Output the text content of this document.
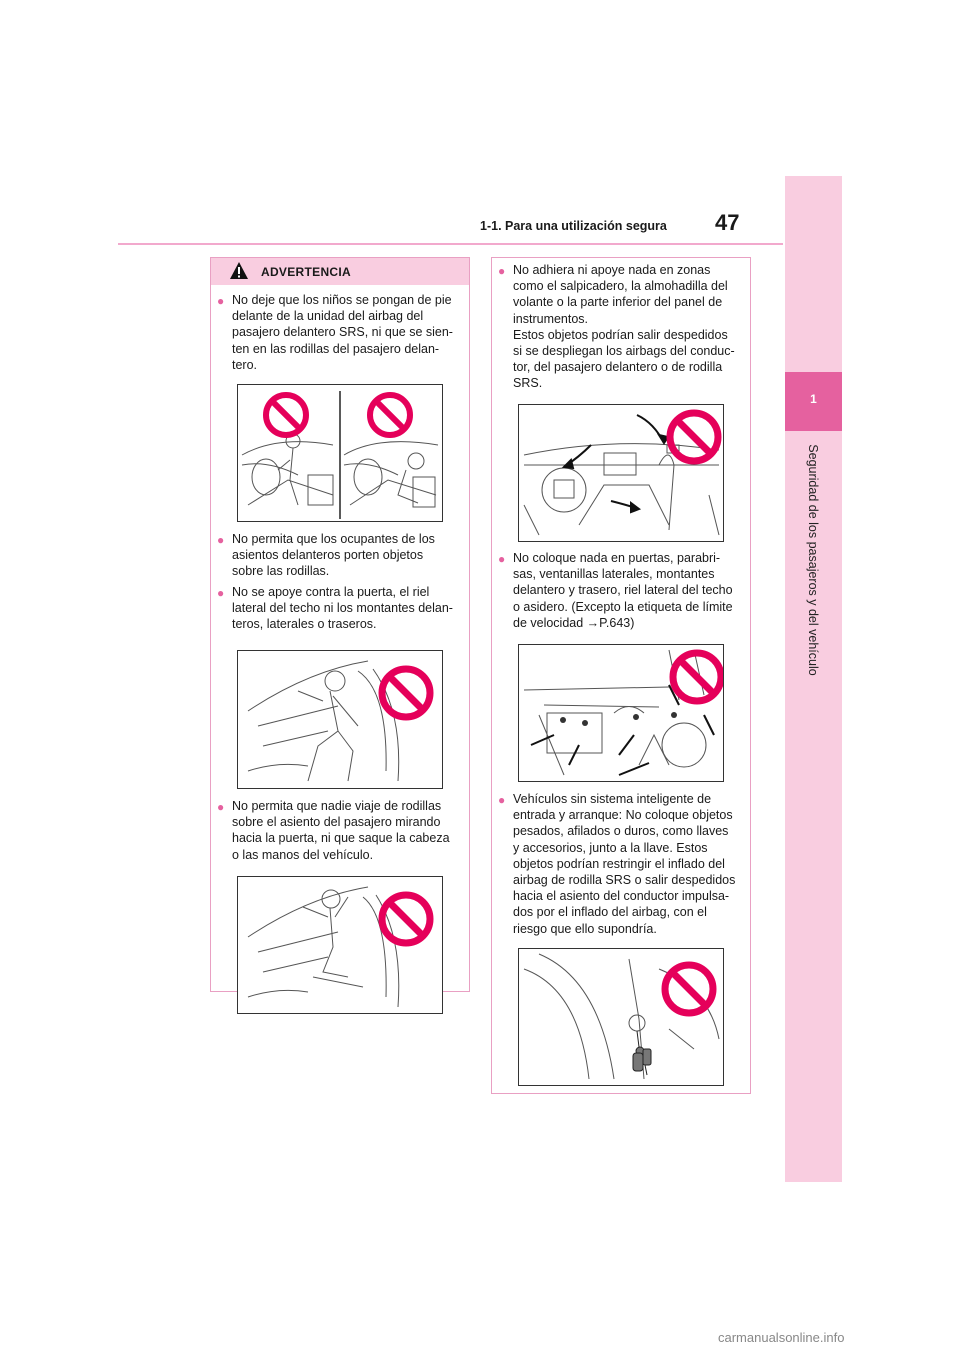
1-1. Para una utilización segura 47
1
Seguridad de los pasajeros y del vehículo
ADVERTENCIA
● No deje que los niños se pongan de pie
delante de la unidad del airbag del
pasajero delantero SRS, ni que se sien-
ten en las rodillas del pasajero delan-
tero.
● No permita que los ocupantes de los
asientos delanteros porten objetos
sobre las rodillas.
● No se apoye contra la puerta, el riel
lateral del techo ni los montantes delan-
teros, laterales o traseros.
● No permita que nadie viaje de rodillas
sobre el asiento del pasajero mirando
hacia la puerta, ni que saque la cabeza
o las manos del vehículo.
● No adhiera ni apoye nada en zonas
como el salpicadero, la almohadilla del
volante o la parte inferior del panel de
instrumentos.
Estos objetos podrían salir despedidos
si se despliegan los airbags del conduc-
tor, del pasajero delantero o de rodilla
SRS.
● No coloque nada en puertas, parabri-
sas, ventanillas laterales, montantes
delantero y trasero, riel lateral del techo
o asidero. (Excepto la etiqueta de límite
de velocidad →P.643)
● Vehículos sin sistema inteligente de
entrada y arranque: No coloque objetos
pesados, afilados o duros, como llaves
y accesorios, junto a la llave. Estos
objetos podrían restringir el inflado del
airbag de rodilla SRS o salir despedidos
hacia el asiento del conductor impulsa-
dos por el inflado del airbag, con el
riesgo que ello supondría.
carmanualsonline.info
